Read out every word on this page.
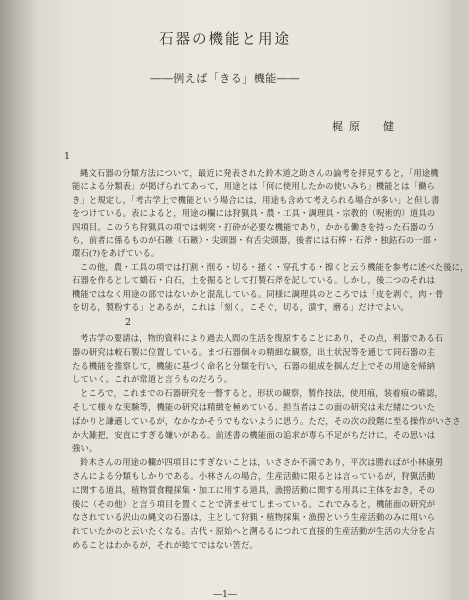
石器の機能と用途
――例えば「きる」機能――
梶原　健
1
縄文石器の分類方法について，最近に発表された鈴木道之助さんの論考を拝見すると，「用途機
能による分類表」が掲げられてあって，用途とは「何に使用したかの使いみち」機能とは「働ら
き」と規定し，「考古学上で機能という場合には，用途も含めて考えられる場合が多い」と但し書
をつけている。表によると，用途の欄には狩猟具・農・工具・調理具・宗教的（呪術的）道具の
四項目。このうち狩猟具の項では刺突・打砕が必要な機能であり，かかる働きを持った石器のう
ち，前者に係るものが石鏃（石鏃）・尖頭器・有舌尖頭器，後者には石棒・石斧・独鈷石の一部・
環石(?)をあげている。
この他，農・工具の項では打割・削る・切る・掻く・穿孔する・擦くと云う機能を参考に述べた後に，
石器を作るとして鶴石・白石，土を掘るとして打製石斧を記している。しかし，後二つのそれは
機能ではなく用途の部ではないかと混乱している。同様に調理具のところでは「皮を剥ぐ，肉・骨
を切る，製粉する」とあるが，これは「刻く，こそぐ，切る，潰す，磨る」だけでよい。
2
考古学の要請は，物的資料により過去人間の生活を復原することにあり，その点，利器である石
器の研究は較石製に位置している。まづ石器個々の精細な観察，出土状況等を通じて同石器の主
たる機能を推察して，機能に基づく命名と分類を行い，石器の組成を掴んだ上でその用途を帰納
していく。これが常道と言うものだろう。
ところで，これまでの石器研究を一瞥すると，形状の観察，製作技法，使用痕，装着痕の確認，
そして様々な実験等，機能の研究は精緻を極めている。担当者はこの面の研究は未だ緒についた
ばかりと謙遜しているが，なかなかそうでもないように思う。ただ，その次の段階に至る操作がいささ
か大雑把，安直にすぎる嫌いがある。前述書の機能面の追求が専ら不足がちだけに，その思いは
強い。
鈴木さんの用途の欄が四項目にすぎないことは，いささか不満であり，平次は勝ればが小林康男
さんによる分類もしかりである。小林さんの場合，生産活動に限るとは言っているが，狩猟活動
に関する道具，植物質食糧採集・加工に用する道具，漁撈活動に関する用具に主体をおき，その
後に（その他）と言う項目を置くことで済ませてしまっている。これでみると，機能面の研究が
なされている沢山の縄文の石器は，主として狩猟・植物採集・漁撈という生産活動のみに用いら
れていたかのと云いたくなる。古代・原始へと溯るるにつれて直接的生産活動が生活の大分を占
めることはわかるが，それが総てではない筈だ。
―1―
